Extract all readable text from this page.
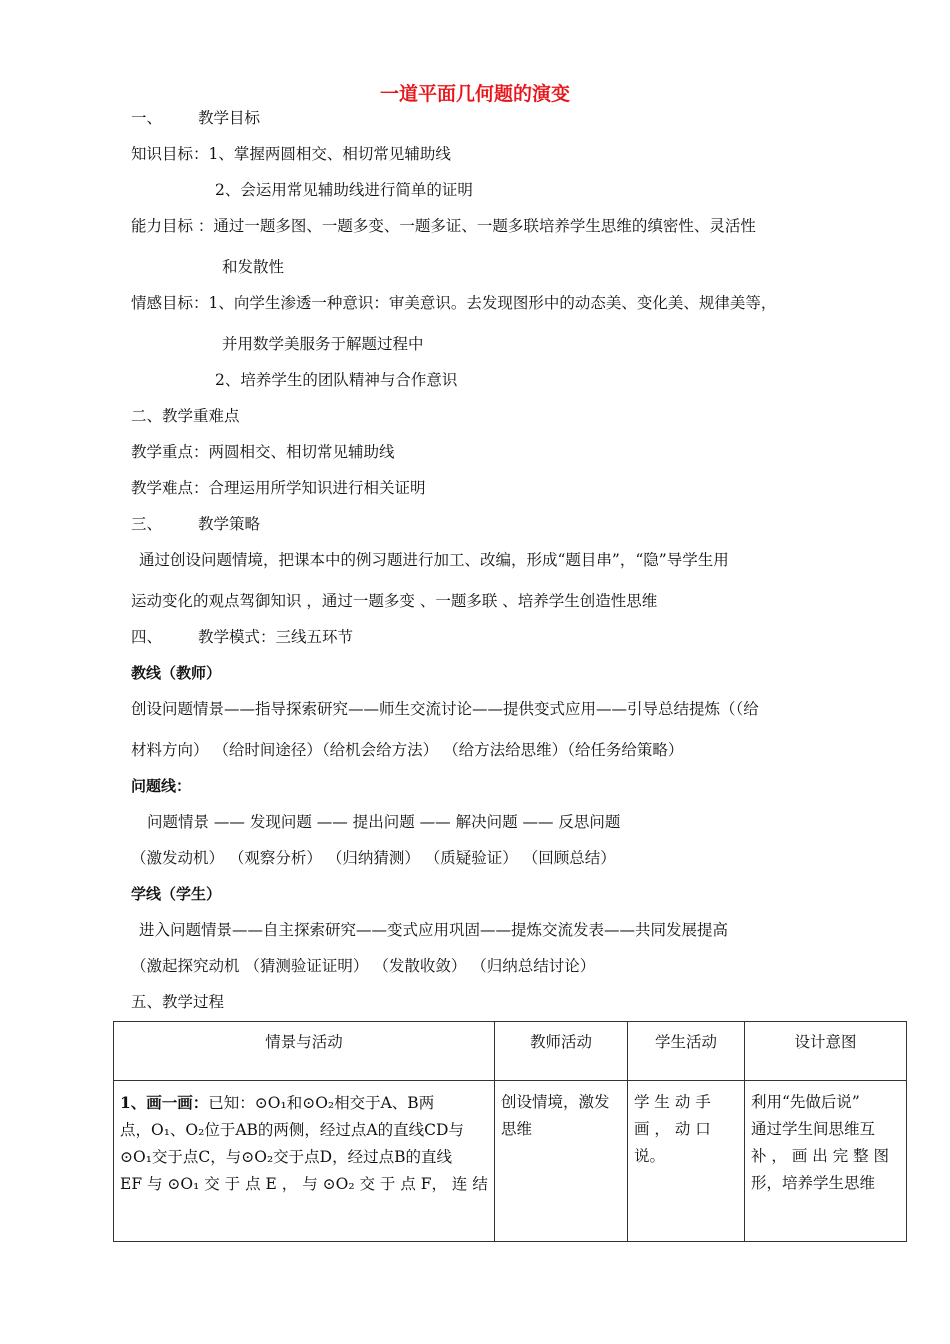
一道平面几何题的演变
一、 教学目标
知识目标：1、掌握两圆相交、相切常见辅助线
2、会运用常见辅助线进行简单的证明
能力目标 ：通过一题多图、一题多变、一题多证、一题多联培养学生思维的缜密性、灵活性
和发散性
情感目标：1、向学生渗透一种意识：审美意识。去发现图形中的动态美、变化美、规律美等，
并用数学美服务于解题过程中
2、培养学生的团队精神与合作意识
二、教学重难点
教学重点：两圆相交、相切常见辅助线
教学难点：合理运用所学知识进行相关证明
三、 教学策略
通过创设问题情境，把课本中的例习题进行加工、改编，形成“题目串”，“隐”导学生用
运动变化的观点驾御知识 ，通过一题多变 、一题多联 、培养学生创造性思维
四、 教学模式：三线五环节
教线（教师）
创设问题情景——指导探索研究——师生交流讨论——提供变式应用——引导总结提炼（（给
材料方向） （给时间途径）（给机会给方法） （给方法给思维）（给任务给策略）
问题线：
问题情景 —— 发现问题 —— 提出问题 —— 解决问题 —— 反思问题
（激发动机） （观察分析） （归纳猜测） （质疑验证） （回顾总结）
学线（学生）
进入问题情景——自主探索研究——变式应用巩固——提炼交流发表——共同发展提高
（激起探究动机 （猜测验证证明） （发散收敛） （归纳总结讨论）
五、教学过程
情景与活动	教师活动	学生活动	设计意图

1、画一画：已知：⊙O₁和⊙O₂相交于A、B两
点，O₁、O₂位于AB的两侧，经过点A的直线CD与
⊙O₁交于点C，与⊙O₂交于点D，经过点B的直线
EF 与 ⊙O₁ 交 于 点 E ， 与 ⊙O₂ 交 于 点 F， 连 结	创设情境，激发
思维	学 生 动 手
画 ， 动 口
说。	利用“先做后说”
通过学生间思维互
补 ， 画 出 完 整 图
形，培养学生思维
